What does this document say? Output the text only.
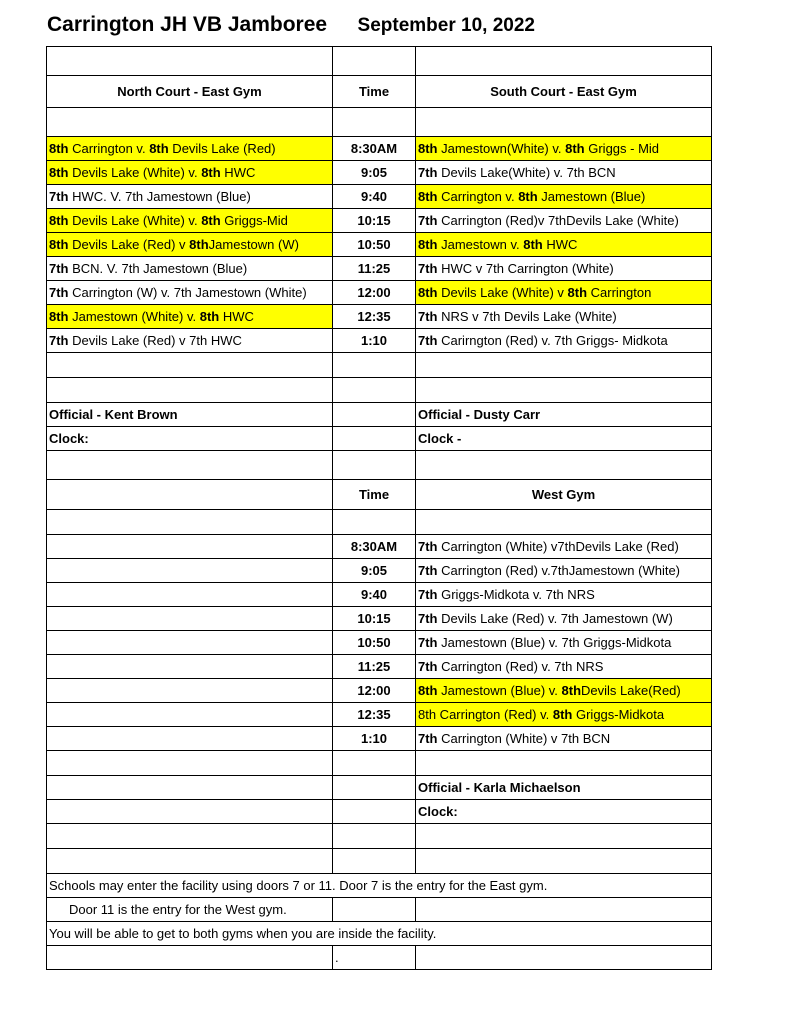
Carrington JH VB Jamboree September 10, 2022

North Court - East Gym	Time	South Court - East Gym

8th Carrington v. 8th Devils Lake (Red)	8:30AM	8th Jamestown(White) v. 8th Griggs - Mid
8th Devils Lake (White) v. 8th HWC	9:05	7th Devils Lake(White) v. 7th BCN
7th HWC. V. 7th Jamestown (Blue)	9:40	8th Carrington v. 8th Jamestown (Blue)
8th Devils Lake (White) v. 8th Griggs-Mid	10:15	7th Carrington (Red)v 7thDevils Lake (White)
8th Devils Lake (Red) v 8thJamestown (W)	10:50	8th Jamestown v. 8th HWC
7th BCN. V. 7th Jamestown (Blue)	11:25	7th HWC v 7th Carrington (White)
7th Carrington (W) v. 7th Jamestown (White)	12:00	8th Devils Lake (White) v 8th Carrington
8th Jamestown (White) v. 8th HWC	12:35	7th NRS v 7th Devils Lake (White)
7th Devils Lake (Red) v 7th HWC	1:10	7th Carirngton (Red) v. 7th Griggs- Midkota

Official - Kent Brown		Official - Dusty Carr
Clock:		Clock -

	Time	West Gym

	8:30AM	7th Carrington (White) v7thDevils Lake (Red)
	9:05	7th Carrington (Red) v.7thJamestown (White)
	9:40	7th Griggs-Midkota v. 7th NRS
	10:15	7th Devils Lake (Red) v. 7th Jamestown (W)
	10:50	7th Jamestown (Blue) v. 7th Griggs-Midkota
	11:25	7th Carrington (Red) v. 7th NRS
	12:00	8th Jamestown (Blue) v. 8thDevils Lake(Red)
	12:35	8th Carrington (Red) v. 8th Griggs-Midkota
	1:10	7th Carrington (White) v 7th BCN

		Official - Karla Michaelson
		Clock:

Schools may enter the facility using doors 7 or 11. Door 7 is the entry for the East gym.		
Door 11 is the entry for the West gym.		
You will be able to get to both gyms when you are inside the facility.		
	.	
